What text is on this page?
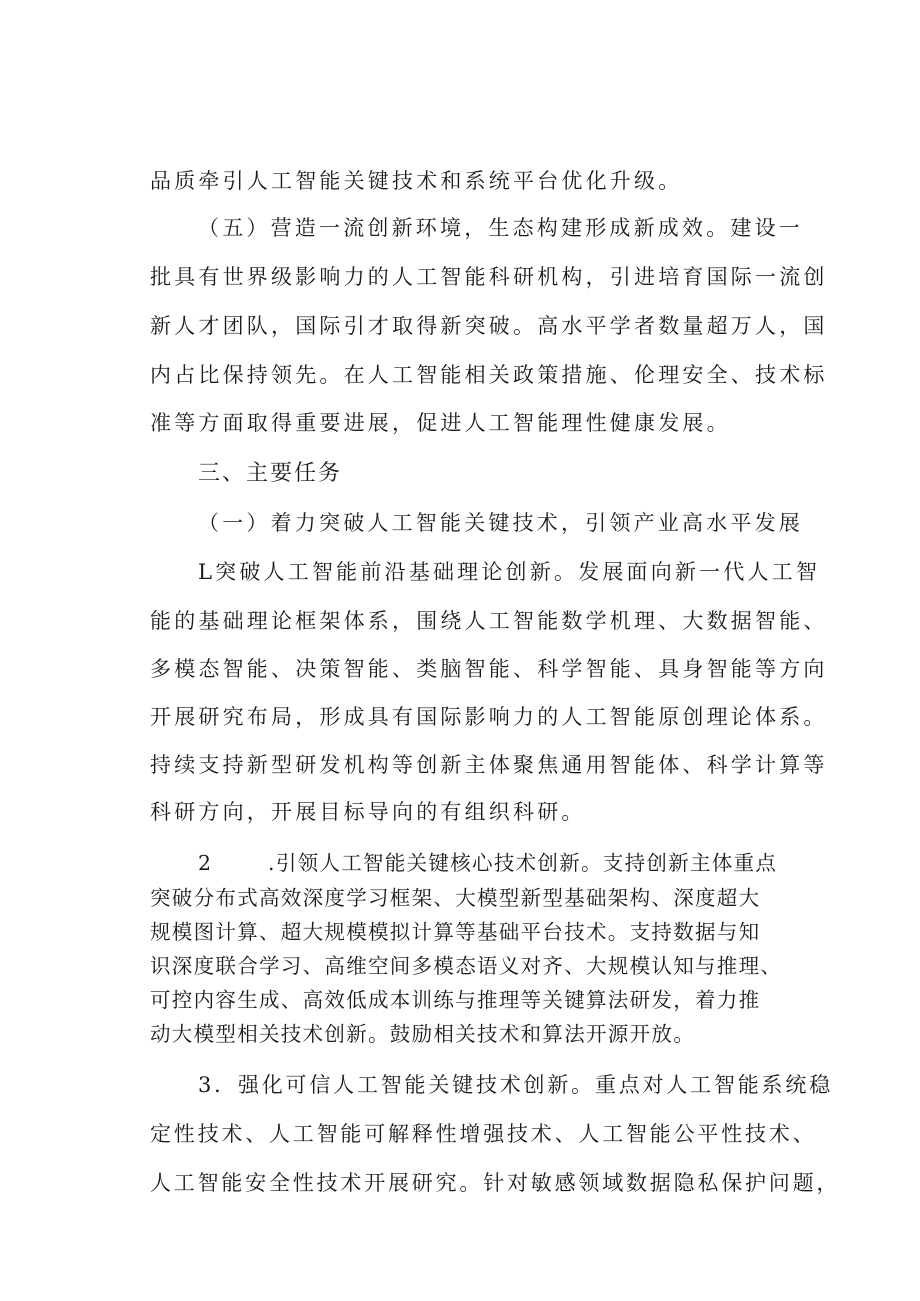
品质牵引人工智能关键技术和系统平台优化升级。
（五）营造一流创新环境，生态构建形成新成效。建设一
批具有世界级影响力的人工智能科研机构，引进培育国际一流创
新人才团队，国际引才取得新突破。高水平学者数量超万人，国
内占比保持领先。在人工智能相关政策措施、伦理安全、技术标
准等方面取得重要进展，促进人工智能理性健康发展。
三、主要任务
（一）着力突破人工智能关键技术，引领产业高水平发展
L突破人工智能前沿基础理论创新。发展面向新一代人工智
能的基础理论框架体系，围绕人工智能数学机理、大数据智能、
多模态智能、决策智能、类脑智能、科学智能、具身智能等方向
开展研究布局，形成具有国际影响力的人工智能原创理论体系。
持续支持新型研发机构等创新主体聚焦通用智能体、科学计算等
科研方向，开展目标导向的有组织科研。
2	.引领人工智能关键核心技术创新。支持创新主体重点
突破分布式高效深度学习框架、大模型新型基础架构、深度超大
规模图计算、超大规模模拟计算等基础平台技术。支持数据与知
识深度联合学习、高维空间多模态语义对齐、大规模认知与推理、
可控内容生成、高效低成本训练与推理等关键算法研发，着力推
动大模型相关技术创新。鼓励相关技术和算法开源开放。
3．强化可信人工智能关键技术创新。重点对人工智能系统稳
定性技术、人工智能可解释性增强技术、人工智能公平性技术、
人工智能安全性技术开展研究。针对敏感领域数据隐私保护问题，
